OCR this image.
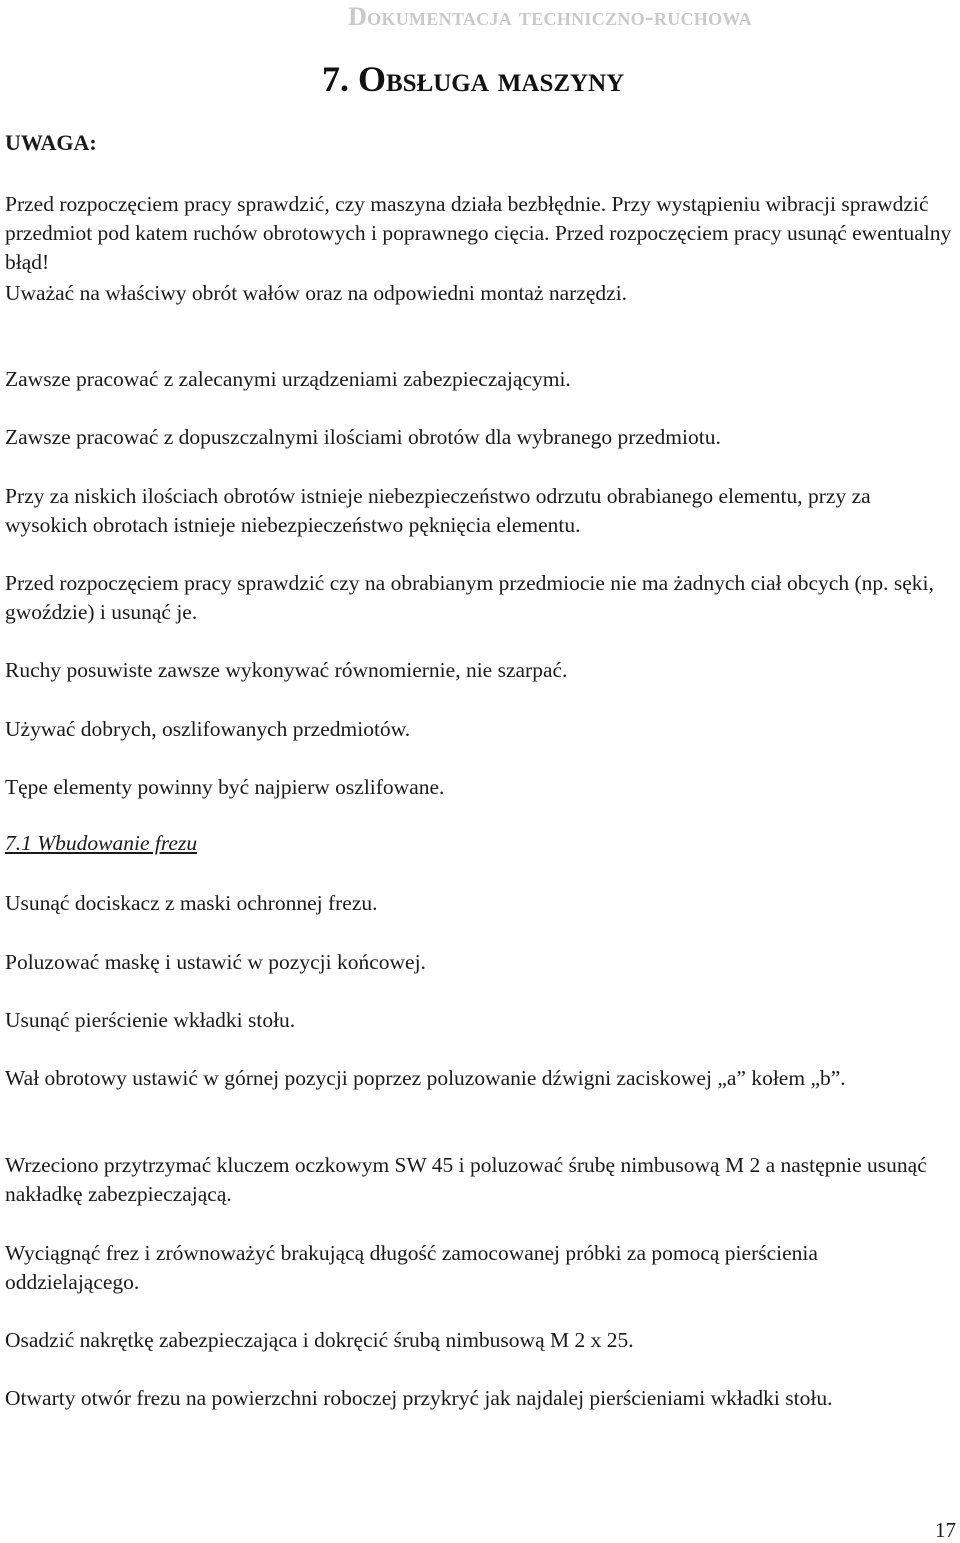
Dokumentacja techniczno-ruchowa
7. Obsługa maszyny
UWAGA:

Przed rozpoczęciem pracy sprawdzić, czy maszyna działa bezbłędnie. Przy wystąpieniu wibracji sprawdzić przedmiot pod katem ruchów obrotowych i poprawnego cięcia. Przed rozpoczęciem pracy usunąć ewentualny błąd!

Uważać na właściwy obrót wałów oraz na odpowiedni montaż narzędzi.

Zawsze pracować z zalecanymi urządzeniami zabezpieczającymi.

Zawsze pracować z dopuszczalnymi ilościami obrotów dla wybranego przedmiotu.

Przy za niskich ilościach obrotów istnieje niebezpieczeństwo odrzutu obrabianego elementu, przy za wysokich obrotach istnieje niebezpieczeństwo pęknięcia elementu.

Przed rozpoczęciem pracy sprawdzić czy na obrabianym przedmiocie nie ma żadnych ciał obcych (np. sęki, gwoździe) i usunąć je.

Ruchy posuwiste zawsze wykonywać równomiernie, nie szarpać.

Używać dobrych, oszlifowanych przedmiotów.

Tępe elementy powinny być najpierw oszlifowane.

7.1 Wbudowanie frezu

Usunąć dociskacz z maski ochronnej frezu.

Poluzować maskę i ustawić w pozycji końcowej.

Usunąć pierścienie wkładki stołu.

Wał obrotowy ustawić w górnej pozycji poprzez poluzowanie dźwigni zaciskowej „a” kołem „b”.

Wrzeciono przytrzymać kluczem oczkowym SW 45 i poluzować śrubę nimbusową M 2 a następnie usunąć nakładkę zabezpieczającą.

Wyciągnąć frez i zrównoważyć brakującą długość zamocowanej próbki za pomocą pierścienia oddzielającego.

Osadzić nakrętkę zabezpieczająca i dokręcić śrubą nimbusową M 2 x 25.

Otwarty otwór frezu na powierzchni roboczej przykryć jak najdalej pierścieniami wkładki stołu.

17
